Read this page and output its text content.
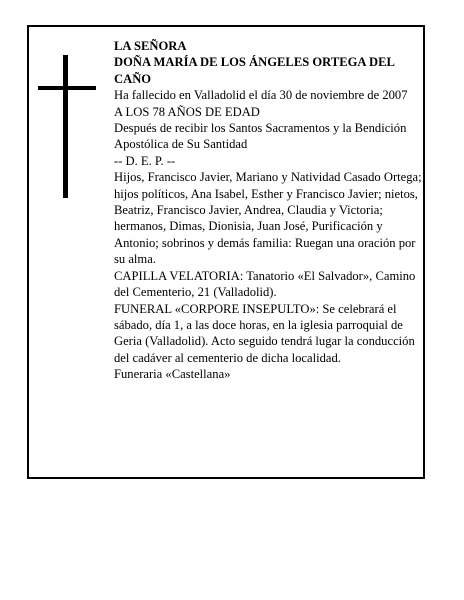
LA SEÑORA

DOÑA MARÍA DE LOS ÁNGELES ORTEGA DEL CAÑO

Ha fallecido en Valladolid el día 30 de noviembre de 2007

A LOS 78 AÑOS DE EDAD

Después de recibir los Santos Sacramentos y la Bendición Apostólica de Su Santidad

-- D. E. P. --

Hijos, Francisco Javier, Mariano y Natividad Casado Ortega; hijos políticos, Ana Isabel, Esther y Francisco Javier; nietos, Beatriz, Francisco Javier, Andrea, Claudia y Victoria; hermanos, Dimas, Dionisia, Juan José, Purificación y Antonio; sobrinos y demás familia: Ruegan una oración por su alma.

CAPILLA VELATORIA: Tanatorio «El Salvador», Camino del Cementerio, 21 (Valladolid).

FUNERAL «CORPORE INSEPULTO»: Se celebrará el sábado, día 1, a las doce horas, en la iglesia parroquial de Geria (Valladolid). Acto seguido tendrá lugar la conducción del cadáver al cementerio de dicha localidad.

Funeraria «Castellana»
